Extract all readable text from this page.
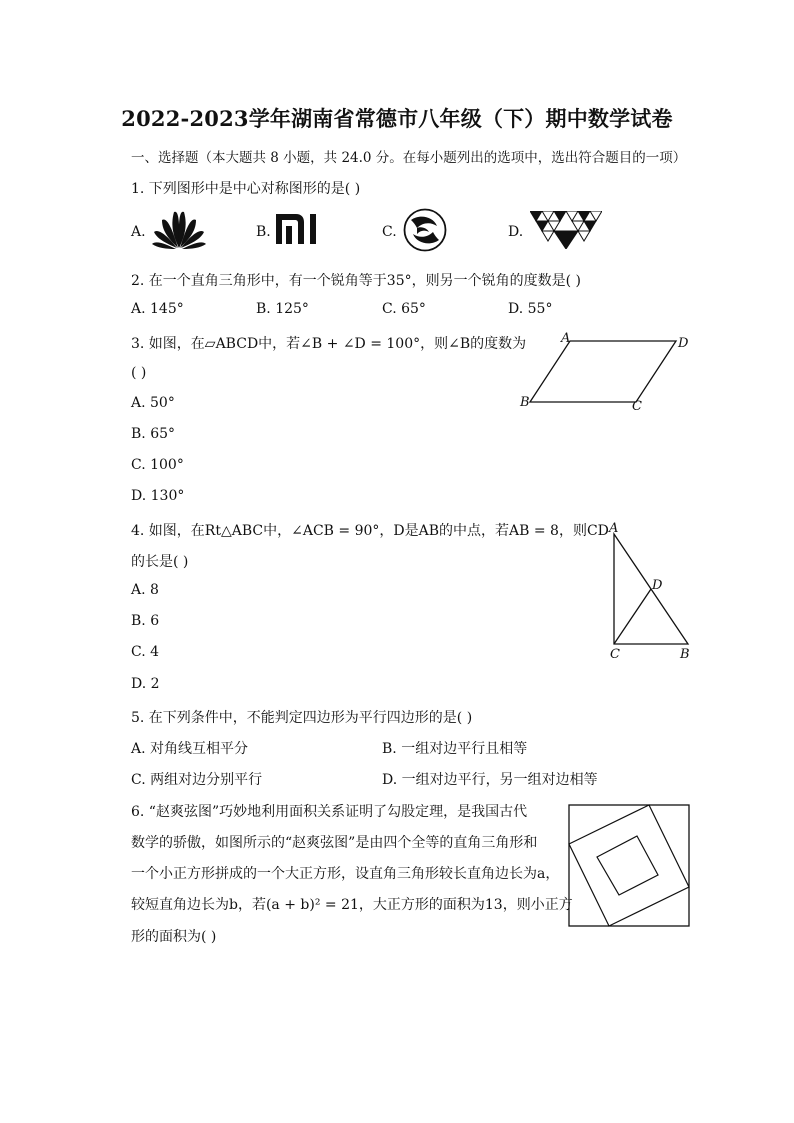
2022-2023学年湖南省常德市八年级（下）期中数学试卷
一、选择题（本大题共 8 小题，共 24.0 分。在每小题列出的选项中，选出符合题目的一项）
1. 下列图形中是中心对称图形的是( )
A.	B.	C.	D.
2. 在一个直角三角形中，有一个锐角等于35°，则另一个锐角的度数是( )
A. 145°	B. 125°	C. 65°	D. 55°
3. 如图，在▱ABCD中，若∠B + ∠D = 100°，则∠B的度数为
( )
A. 50°
B. 65°
C. 100°
D. 130°
A	D
B	C
4. 如图，在Rt△ABC中，∠ACB = 90°，D是AB的中点，若AB = 8，则CD
的长是( )
A. 8
B. 6
C. 4
D. 2
A
D
C	B
5. 在下列条件中，不能判定四边形为平行四边形的是( )
A. 对角线互相平分	B. 一组对边平行且相等
C. 两组对边分别平行	D. 一组对边平行，另一组对边相等
6. “赵爽弦图”巧妙地利用面积关系证明了勾股定理，是我国古代
数学的骄傲，如图所示的“赵爽弦图”是由四个全等的直角三角形和
一个小正方形拼成的一个大正方形，设直角三角形较长直角边长为a，
较短直角边长为b，若(a + b)² = 21，大正方形的面积为13，则小正方
形的面积为( )
